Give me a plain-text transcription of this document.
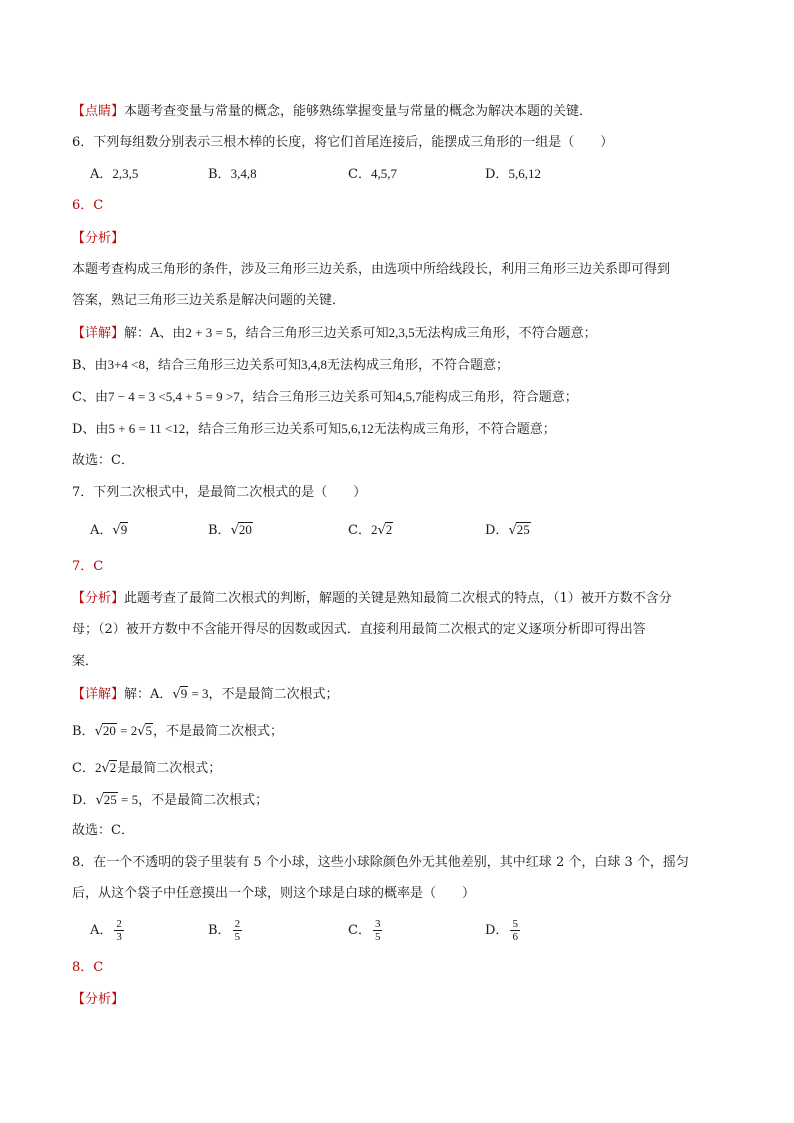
【点睛】本题考查变量与常量的概念，能够熟练掌握变量与常量的概念为解决本题的关键．
6．下列每组数分别表示三根木棒的长度，将它们首尾连接后，能摆成三角形的一组是（　　）
A．2,3,5	B．3,4,8	C．4,5,7	D．5,6,12
6．C
【分析】
本题考查构成三角形的条件，涉及三角形三边关系，由选项中所给线段长，利用三角形三边关系即可得到
答案，熟记三角形三边关系是解决问题的关键．
【详解】解：A、由2 + 3 = 5，结合三角形三边关系可知2,3,5无法构成三角形，不符合题意；
B、由3+4 <8，结合三角形三边关系可知3,4,8无法构成三角形，不符合题意；
C、由7 − 4 = 3 <5,4 + 5 = 9 >7，结合三角形三边关系可知4,5,7能构成三角形，符合题意；
D、由5 + 6 = 11 <12，结合三角形三边关系可知5,6,12无法构成三角形，不符合题意；
故选：C．
7．下列二次根式中，是最简二次根式的是（　　）
A．√9	B．√20	C．2√2	D．√25
7．C
【分析】此题考查了最简二次根式的判断，解题的关键是熟知最简二次根式的特点，（1）被开方数不含分
母；（2）被开方数中不含能开得尽的因数或因式．直接利用最简二次根式的定义逐项分析即可得出答
案．
【详解】解：A．√9 = 3，不是最简二次根式；
B．√20 = 2√5，不是最简二次根式；
C．2√2是最简二次根式；
D．√25 = 5，不是最简二次根式；
故选：C．
8．在一个不透明的袋子里装有 5 个小球，这些小球除颜色外无其他差别，其中红球 2 个，白球 3 个，摇匀
后，从这个袋子中任意摸出一个球，则这个球是白球的概率是（　　）
A． $\frac{2}{3}$	B． $\frac{2}{5}$	C． $\frac{3}{5}$	D． $\frac{5}{6}$
8．C
【分析】
